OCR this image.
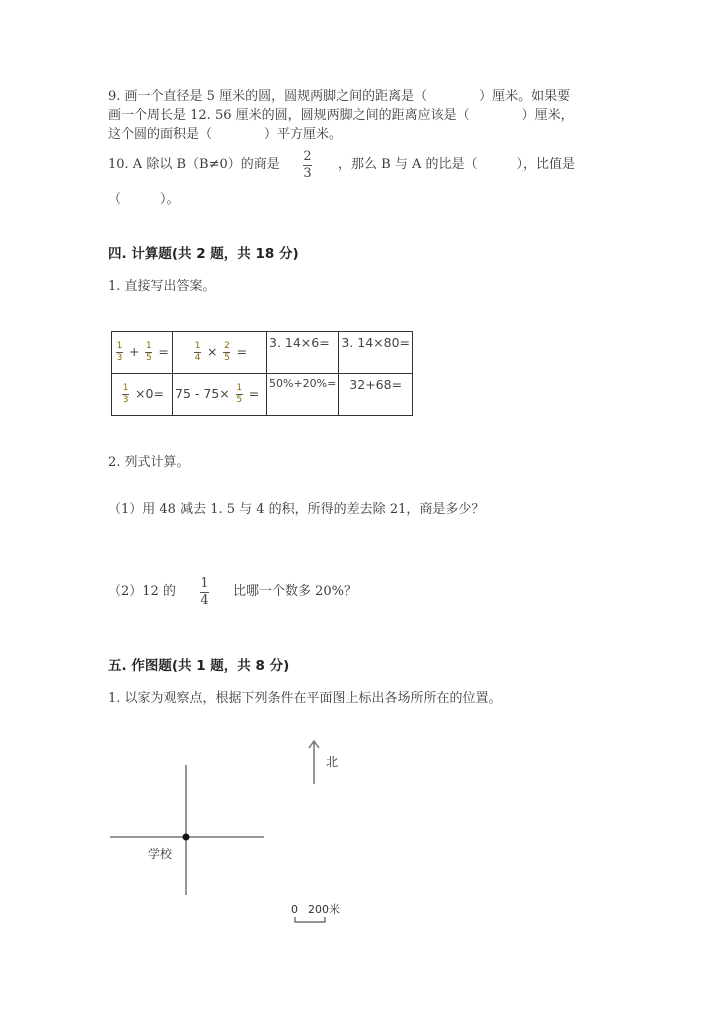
9. 画一个直径是 5 厘米的圆，圆规两脚之间的距离是（　　　　）厘米。如果要
画一个周长是 12. 56 厘米的圆，圆规两脚之间的距离应该是（　　　　）厘米，
这个圆的面积是（　　　　）平方厘米。
10. A 除以 B（B≠0）的商是
2
3
，那么 B 与 A 的比是（　　　），比值是
（　　　）。
四. 计算题(共 2 题，共 18 分)
1. 直接写出答案。
$\frac{1}{3} + \frac{1}{5}$ =	$\frac{1}{4} \times \frac{2}{5}$ =	3. 14×6=	3. 14×80=

$\frac{1}{3} \times 0=$	$75 - 75\times \frac{1}{5}$ =	50%+20%=	32+68=
2. 列式计算。
（1）用 48 减去 1. 5 与 4 的积，所得的差去除 21，商是多少？
（2）12 的
1
4
比哪一个数多 20%？
五. 作图题(共 1 题，共 8 分)
1. 以家为观察点，根据下列条件在平面图上标出各场所所在的位置。
学校
北
0 200米
